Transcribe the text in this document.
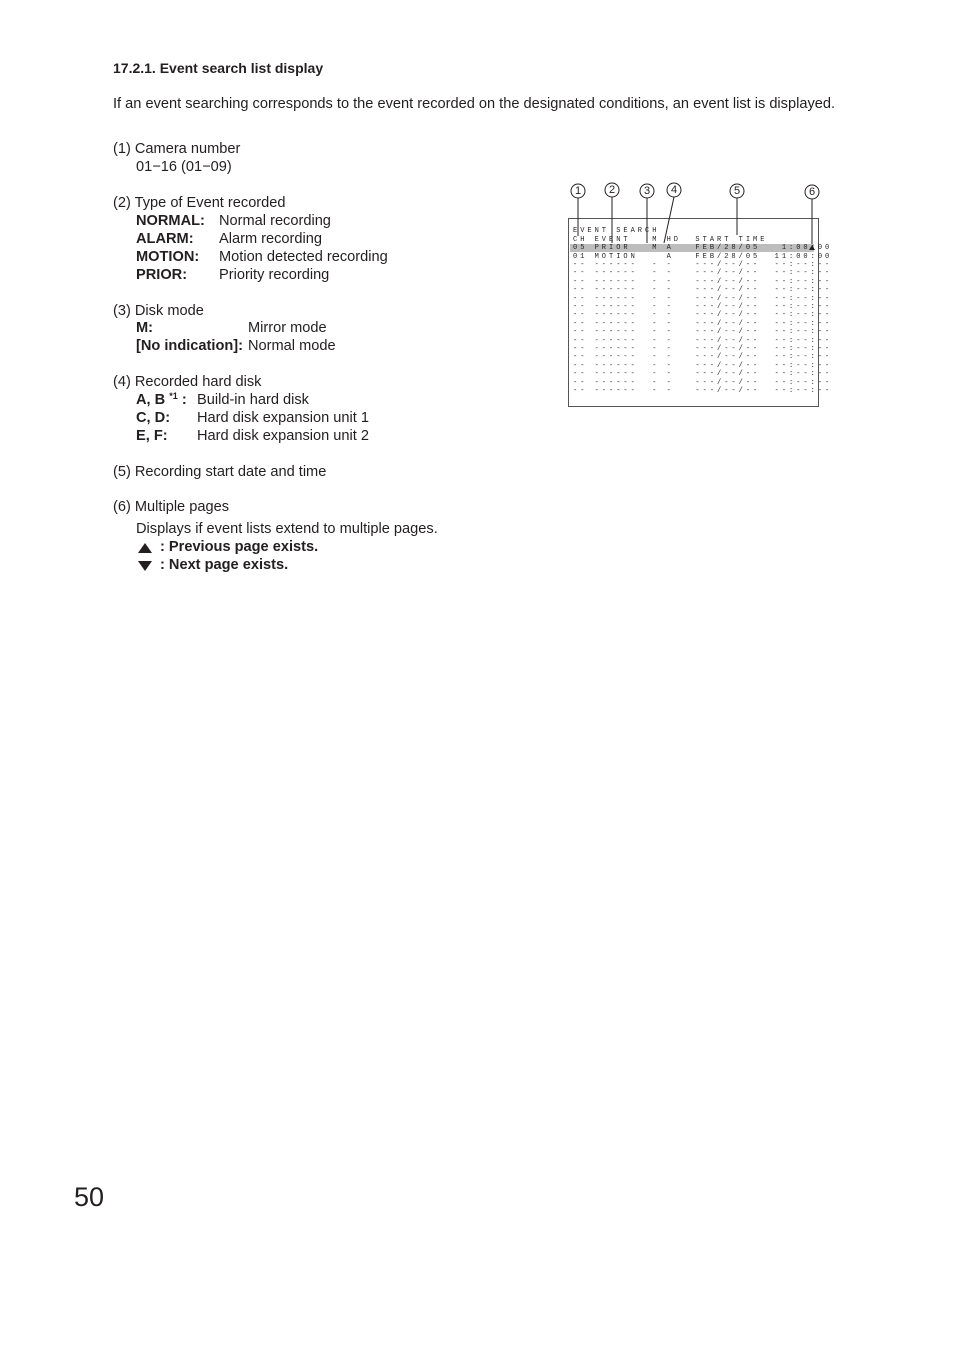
17.2.1. Event search list display
If an event searching corresponds to the event recorded on the designated conditions, an event list is displayed.
(1) Camera number
01−16 (01−09)
(2) Type of Event recorded
NORMAL: Normal recording
ALARM: Alarm recording
MOTION: Motion detected recording
PRIOR: Priority recording
(3) Disk mode
M:	Mirror mode
[No indication]: Normal mode
(4) Recorded hard disk
A, B $^{*1}$ : Build-in hard disk
C, D: Hard disk expansion unit 1
E, F: Hard disk expansion unit 2
(5) Recording start date and time
(6) Multiple pages
Displays if event lists extend to multiple pages.
: Previous page exists.
: Next page exists.
EVENT SEARCH
CH EVENT   M HD  START TIME
05 PRIOR   M A   FEB/28/05   1:00:00
01 MOTION    A   FEB/28/05  11:00:00
-- ------  - -   ---/--/--  --:--:--
-- ------  - -   ---/--/--  --:--:--
-- ------  - -   ---/--/--  --:--:--
-- ------  - -   ---/--/--  --:--:--
-- ------  - -   ---/--/--  --:--:--
-- ------  - -   ---/--/--  --:--:--
-- ------  - -   ---/--/--  --:--:--
-- ------  - -   ---/--/--  --:--:--
-- ------  - -   ---/--/--  --:--:--
-- ------  - -   ---/--/--  --:--:--
-- ------  - -   ---/--/--  --:--:--
-- ------  - -   ---/--/--  --:--:--
-- ------  - -   ---/--/--  --:--:--
-- ------  - -   ---/--/--  --:--:--
-- ------  - -   ---/--/--  --:--:--
-- ------  - -   ---/--/--  --:--:--
1	2	3	4	5	6
50
